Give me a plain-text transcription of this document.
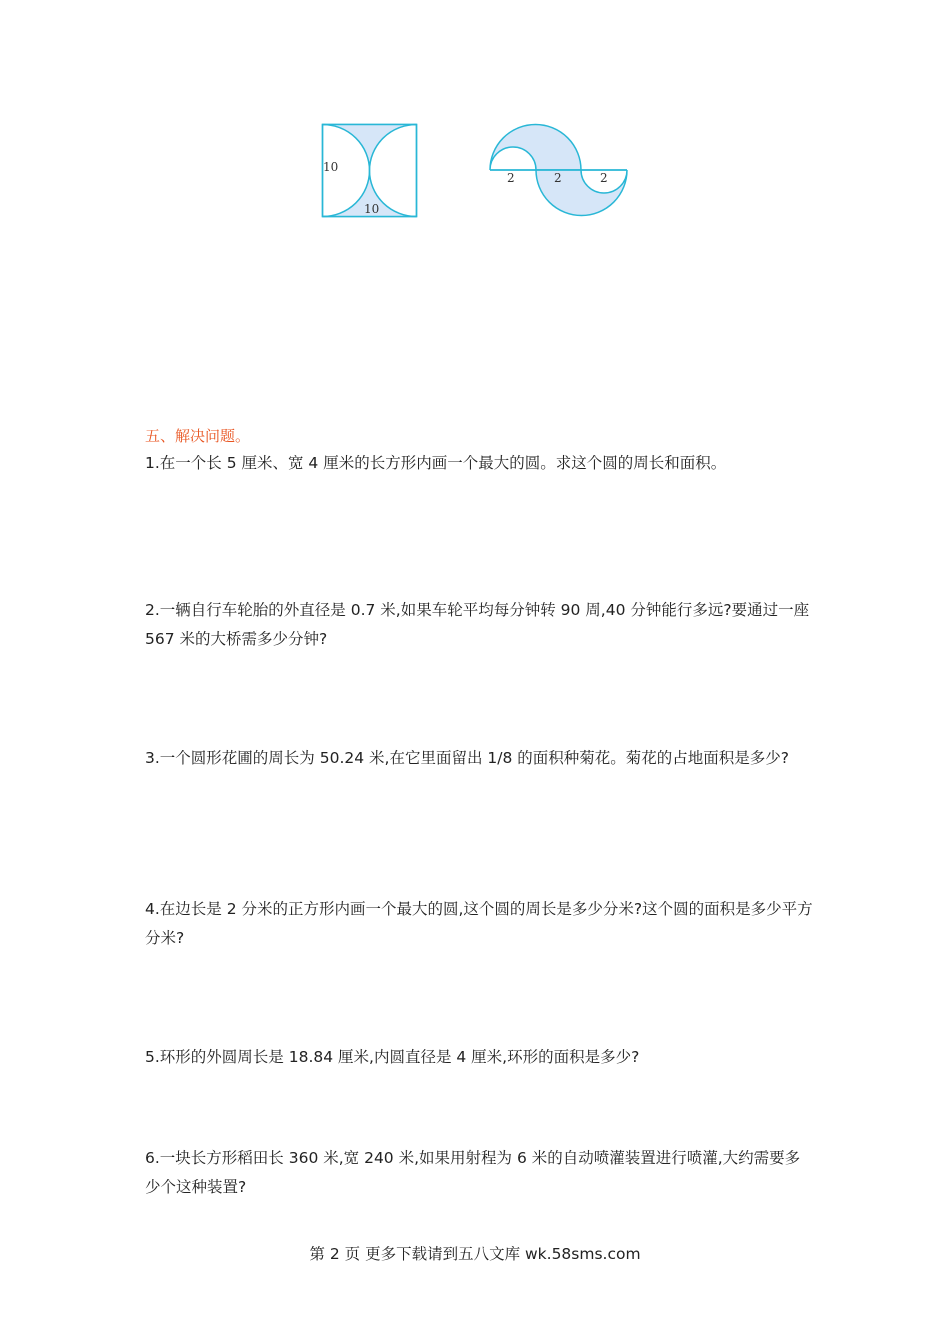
10
10
2	2	2
五、解决问题。
1.在一个长 5 厘米、宽 4 厘米的长方形内画一个最大的圆。求这个圆的周长和面积。
2.一辆自行车轮胎的外直径是 0.7 米,如果车轮平均每分钟转 90 周,40 分钟能行多远?要通过一座 567 米的大桥需多少分钟?
3.一个圆形花圃的周长为 50.24 米,在它里面留出 1/8 的面积种菊花。菊花的占地面积是多少?
4.在边长是 2 分米的正方形内画一个最大的圆,这个圆的周长是多少分米?这个圆的面积是多少平方分米?
5.环形的外圆周长是 18.84 厘米,内圆直径是 4 厘米,环形的面积是多少?
6.一块长方形稻田长 360 米,宽 240 米,如果用射程为 6 米的自动喷灌装置进行喷灌,大约需要多少个这种装置?
第 2 页 更多下载请到五八文库 wk.58sms.com
